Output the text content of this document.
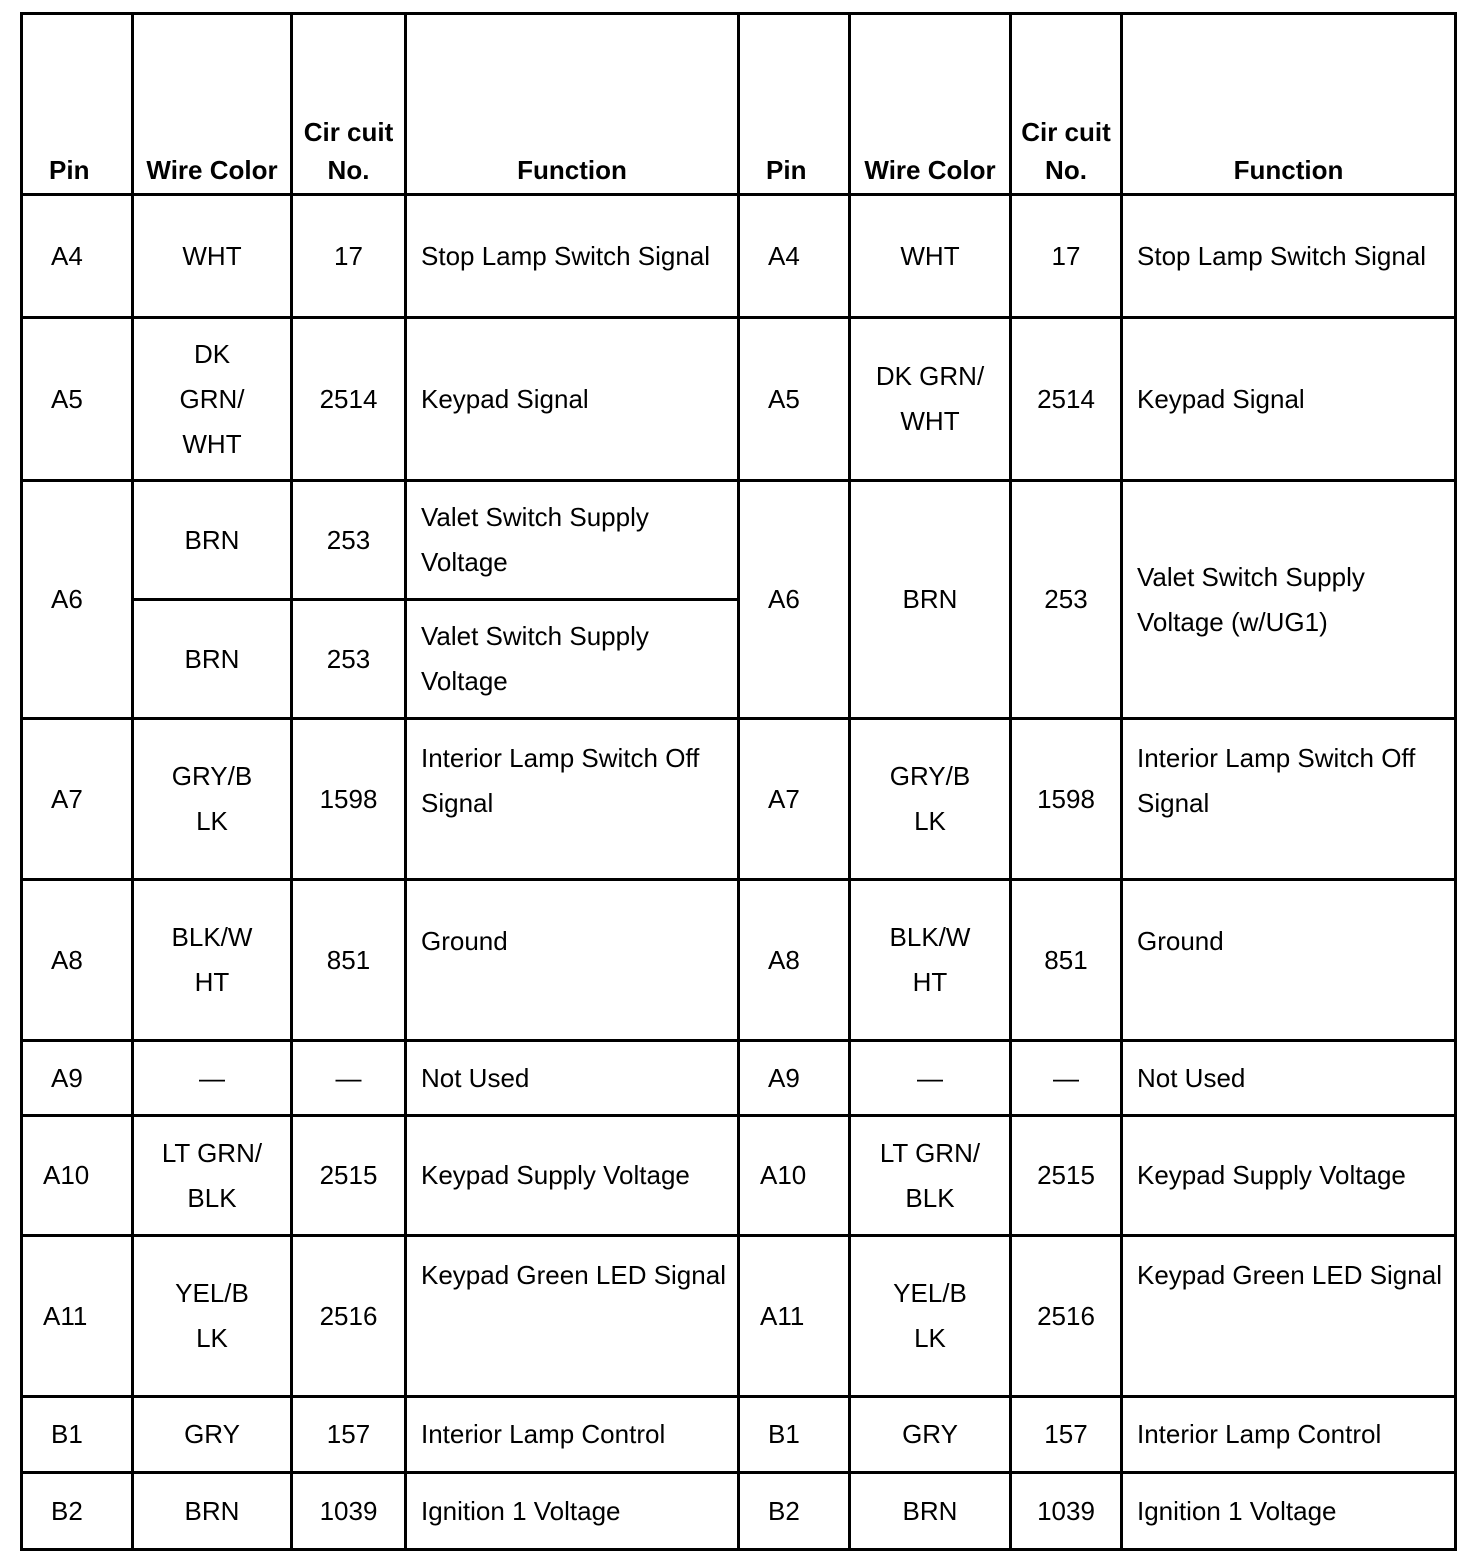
Pin	Wire Color	Cir cuit No.	Function	Pin	Wire Color	Cir cuit No.	Function
A4	WHT	17	Stop Lamp Switch Signal	A4	WHT	17	Stop Lamp Switch Signal
A5	DK GRN/ WHT	2514	Keypad Signal	A5	DK GRN/ WHT	2514	Keypad Signal
A6	BRN	253	Valet Switch Supply Voltage	A6	BRN	253	Valet Switch Supply Voltage (w/UG1)
	BRN	253	Valet Switch Supply Voltage				
A7	GRY/B LK	1598	Interior Lamp Switch Off Signal	A7	GRY/B LK	1598	Interior Lamp Switch Off Signal
A8	BLK/W HT	851	Ground	A8	BLK/W HT	851	Ground
A9	—	—	Not Used	A9	—	—	Not Used
A10	LT GRN/ BLK	2515	Keypad Supply Voltage	A10	LT GRN/ BLK	2515	Keypad Supply Voltage
A11	YEL/B LK	2516	Keypad Green LED Signal	A11	YEL/B LK	2516	Keypad Green LED Signal
B1	GRY	157	Interior Lamp Control	B1	GRY	157	Interior Lamp Control
B2	BRN	1039	Ignition 1 Voltage	B2	BRN	1039	Ignition 1 Voltage
